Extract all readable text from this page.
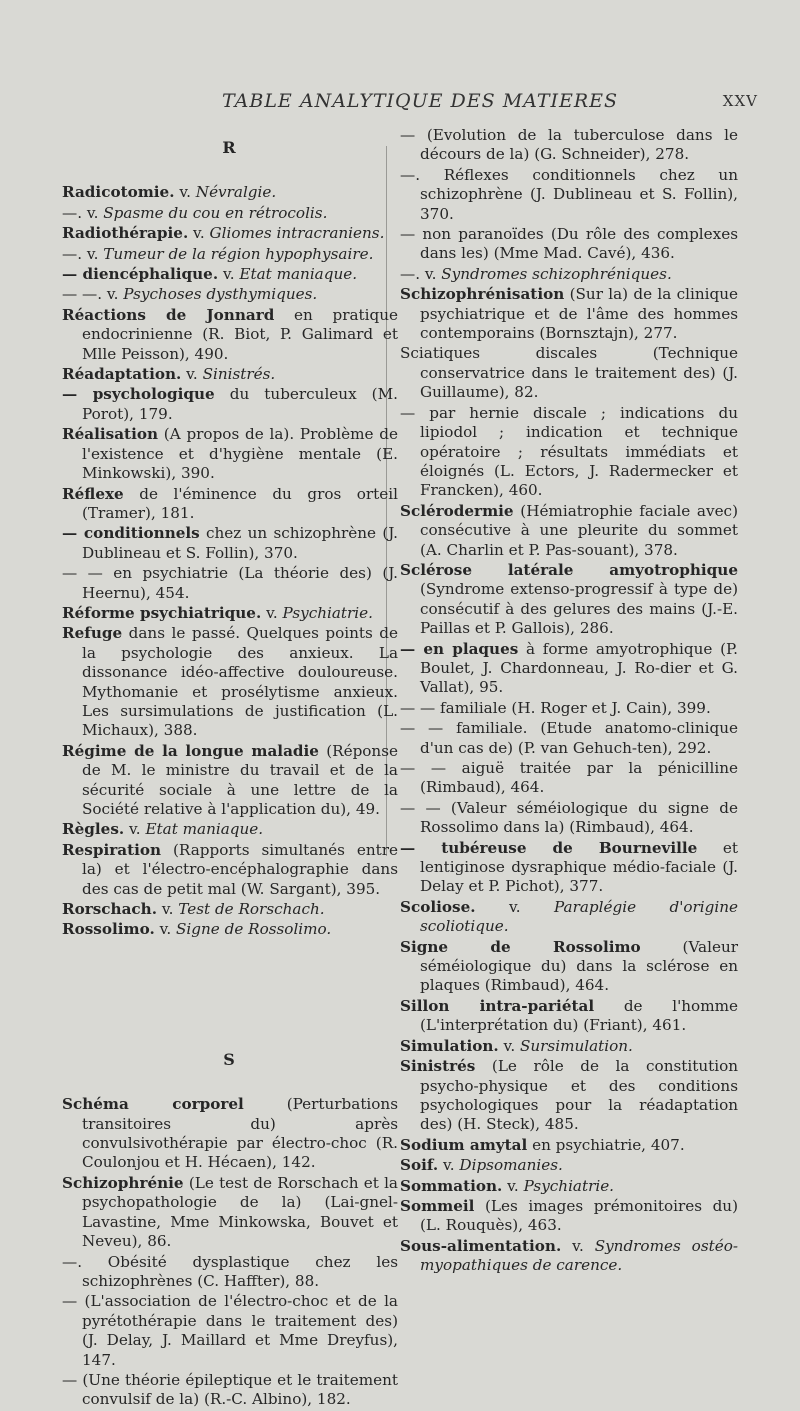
TABLE ANALYTIQUE DES MATIERES	XXV
R
Radicotomie. v. Névralgie.
—. v. Spasme du cou en rétrocolis.
Radiothérapie. v. Gliomes intracraniens.
—. v. Tumeur de la région hypophysaire.
— diencéphalique. v. Etat maniaque.
— —. v. Psychoses dysthymiques.
Réactions de Jonnard en pratique endocrinienne (R. Biot, P. Galimard et Mlle Peisson), 490.
Réadaptation. v. Sinistrés.
— psychologique du tuberculeux (M. Porot), 179.
Réalisation (A propos de la). Problème de l'existence et d'hygiène mentale (E. Minkowski), 390.
Réflexe de l'éminence du gros orteil (Tramer), 181.
— conditionnels chez un schizophrène (J. Dublineau et S. Follin), 370.
— — en psychiatrie (La théorie des) (J. Heernu), 454.
Réforme psychiatrique. v. Psychiatrie.
Refuge dans le passé. Quelques points de la psychologie des anxieux. La dissonance idéo-affective douloureuse. Mythomanie et prosélytisme anxieux. Les sursimulations de justification (L. Michaux), 388.
Régime de la longue maladie (Réponse de M. le ministre du travail et de la sécurité sociale à une lettre de la Société relative à l'application du), 49.
Règles. v. Etat maniaque.
Respiration (Rapports simultanés entre la) et l'électro-encéphalographie dans des cas de petit mal (W. Sargant), 395.
Rorschach. v. Test de Rorschach.
Rossolimo. v. Signe de Rossolimo.
S
Schéma corporel (Perturbations transitoires du) après convulsivothérapie par électro-choc (R. Coulonjou et H. Hécaen), 142.
Schizophrénie (Le test de Rorschach et la psychopathologie de la) (Lai-gnel-Lavastine, Mme Minkowska, Bouvet et Neveu), 86.
—. Obésité dysplastique chez les schizophrènes (C. Haffter), 88.
— (L'association de l'électro-choc et de la pyrétothérapie dans le traitement des) (J. Delay, J. Maillard et Mme Dreyfus), 147.
— (Une théorie épileptique et le traitement convulsif de la) (R.-C. Albino), 182.
— (Evolution de la tuberculose dans le décours de la) (G. Schneider), 278.
—. Réflexes conditionnels chez un schizophrène (J. Dublineau et S. Follin), 370.
— non paranoïdes (Du rôle des complexes dans les) (Mme Mad. Cavé), 436.
—. v. Syndromes schizophréniques.
Schizophrénisation (Sur la) de la clinique psychiatrique et de l'âme des hommes contemporains (Bornsztajn), 277.
Sciatiques discales (Technique conservatrice dans le traitement des) (J. Guillaume), 82.
— par hernie discale ; indications du lipiodol ; indication et technique opératoire ; résultats immédiats et éloignés (L. Ectors, J. Radermecker et Francken), 460.
Sclérodermie (Hémiatrophie faciale avec) consécutive à une pleurite du sommet (A. Charlin et P. Pas-souant), 378.
Sclérose latérale amyotrophique (Syndrome extenso-progressif à type de) consécutif à des gelures des mains (J.-E. Paillas et P. Gallois), 286.
— en plaques à forme amyotrophique (P. Boulet, J. Chardonneau, J. Ro-dier et G. Vallat), 95.
— — familiale (H. Roger et J. Cain), 399.
— — familiale. (Etude anatomo-clinique d'un cas de) (P. van Gehuch-ten), 292.
— — aiguë traitée par la pénicilline (Rimbaud), 464.
— — (Valeur séméiologique du signe de Rossolimo dans la) (Rimbaud), 464.
— tubéreuse de Bourneville et lentiginose dysraphique médio-faciale (J. Delay et P. Pichot), 377.
Scoliose. v. Paraplégie d'origine scoliotique.
Signe de Rossolimo (Valeur séméiologique du) dans la sclérose en plaques (Rimbaud), 464.
Sillon intra-pariétal de l'homme (L'interprétation du) (Friant), 461.
Simulation. v. Sursimulation.
Sinistrés (Le rôle de la constitution psycho-physique et des conditions psychologiques pour la réadaptation des) (H. Steck), 485.
Sodium amytal en psychiatrie, 407.
Soif. v. Dipsomanies.
Sommation. v. Psychiatrie.
Sommeil (Les images prémonitoires du) (L. Rouquès), 463.
Sous-alimentation. v. Syndromes ostéo-myopathiques de carence.
